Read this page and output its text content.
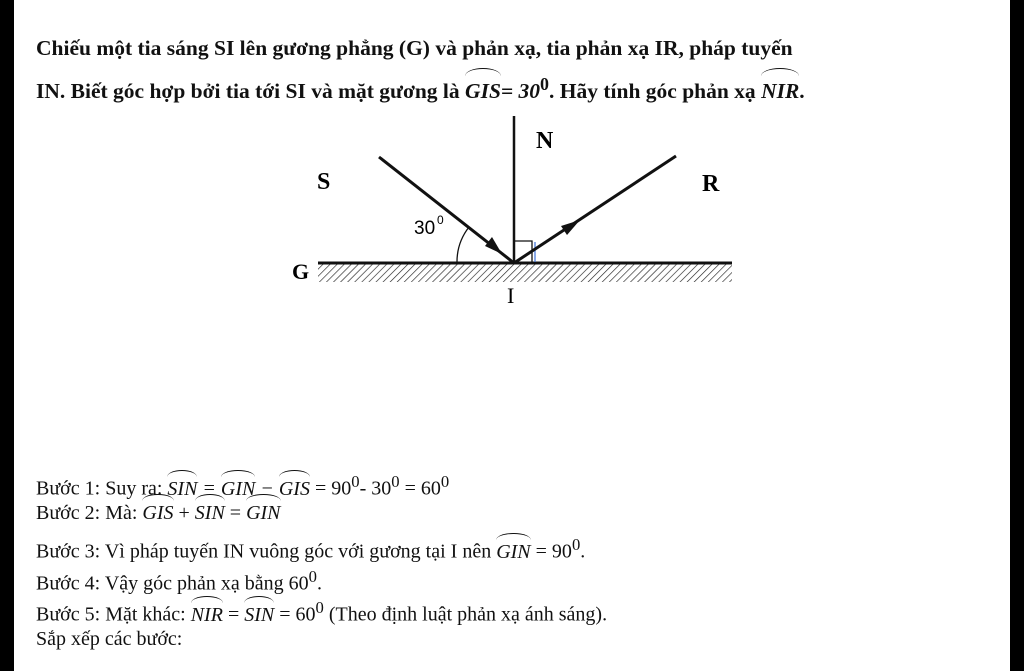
Chiếu một tia sáng SI lên gương phẳng (G) và phản xạ, tia phản xạ IR, pháp tuyến
IN. Biết góc hợp bởi tia tới SI và mặt gương là $GIS= 30^0$. Hãy tính góc phản xạ NIR.
S
N
R
G
I
30 0
Bước 1: Suy ra: SIN = GIN − GIS = $90^0-$ $30^0 = 60^0$
Bước 2: Mà: GIS + SIN = GIN
Bước 3: Vì pháp tuyến IN vuông góc với gương tại I nên GIN = $90^0$.
Bước 4: Vậy góc phản xạ bằng $60^0$.
Bước 5: Mặt khác: NIR = SIN = $60^0$ (Theo định luật phản xạ ánh sáng).
Sắp xếp các bước:
